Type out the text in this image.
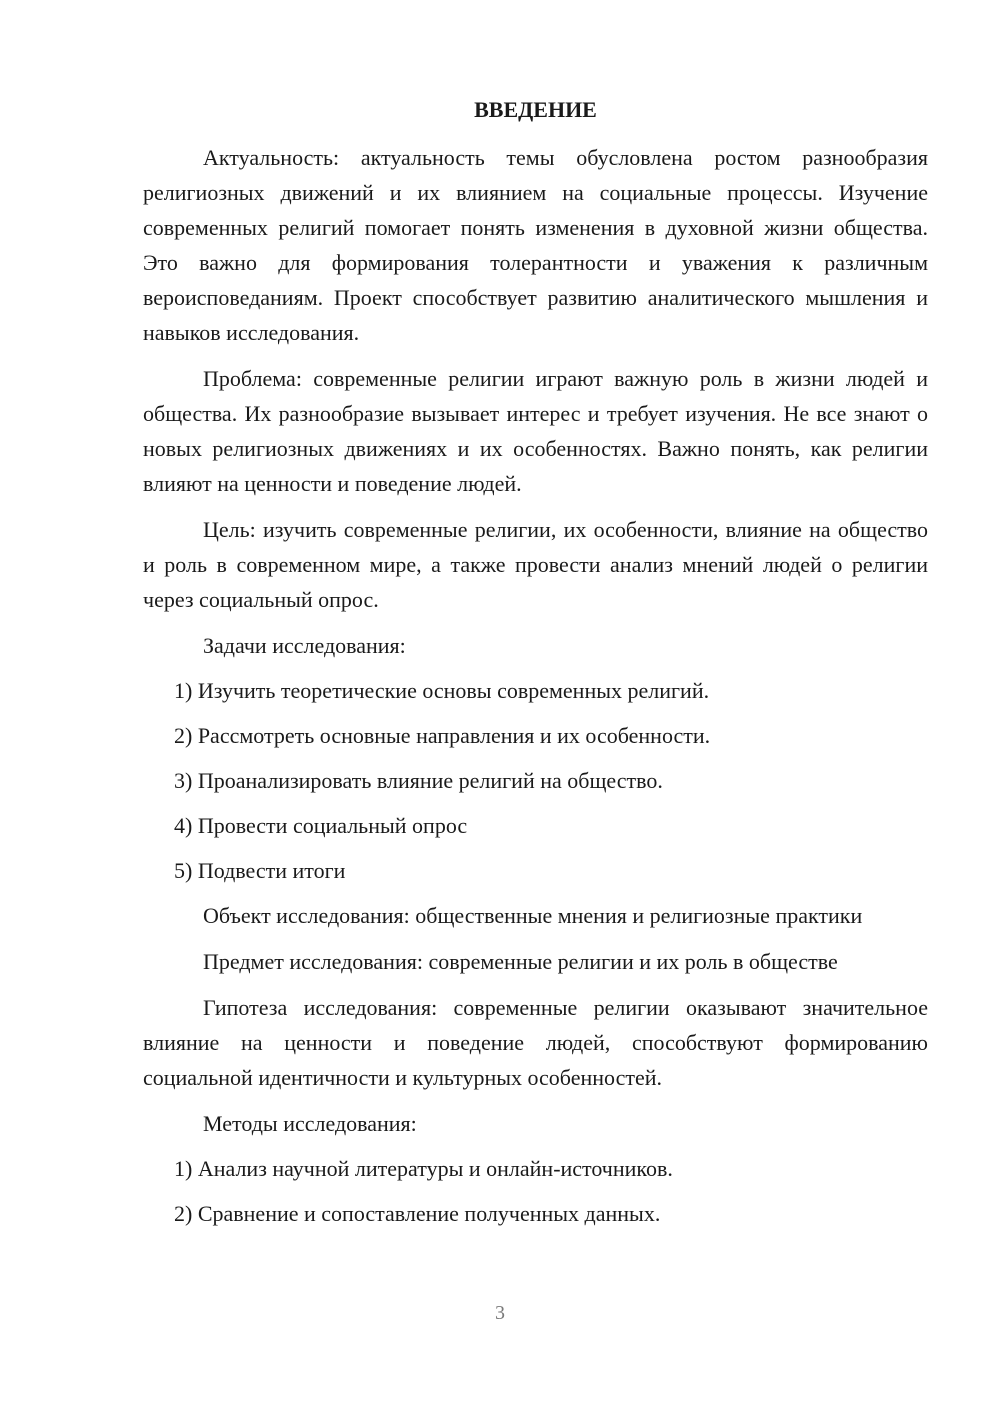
ВВЕДЕНИЕ

Актуальность: актуальность темы обусловлена ростом разнообразия религиозных движений и их влиянием на социальные процессы. Изучение современных религий помогает понять изменения в духовной жизни общества. Это важно для формирования толерантности и уважения к различным вероисповеданиям. Проект способствует развитию аналитического мышления и навыков исследования.

Проблема: современные религии играют важную роль в жизни людей и общества. Их разнообразие вызывает интерес и требует изучения. Не все знают о новых религиозных движениях и их особенностях. Важно понять, как религии влияют на ценности и поведение людей.

Цель: изучить современные религии, их особенности, влияние на общество и роль в современном мире, а также провести анализ мнений людей о религии через социальный опрос.

Задачи исследования:
1) Изучить теоретические основы современных религий.
2) Рассмотреть основные направления и их особенности.
3) Проанализировать влияние религий на общество.
4) Провести социальный опрос
5) Подвести итоги

Объект исследования: общественные мнения и религиозные практики

Предмет исследования: современные религии и их роль в обществе

Гипотеза исследования: современные религии оказывают значительное влияние на ценности и поведение людей, способствуют формированию социальной идентичности и культурных особенностей.

Методы исследования:
1) Анализ научной литературы и онлайн-источников.
2) Сравнение и сопоставление полученных данных.
3
